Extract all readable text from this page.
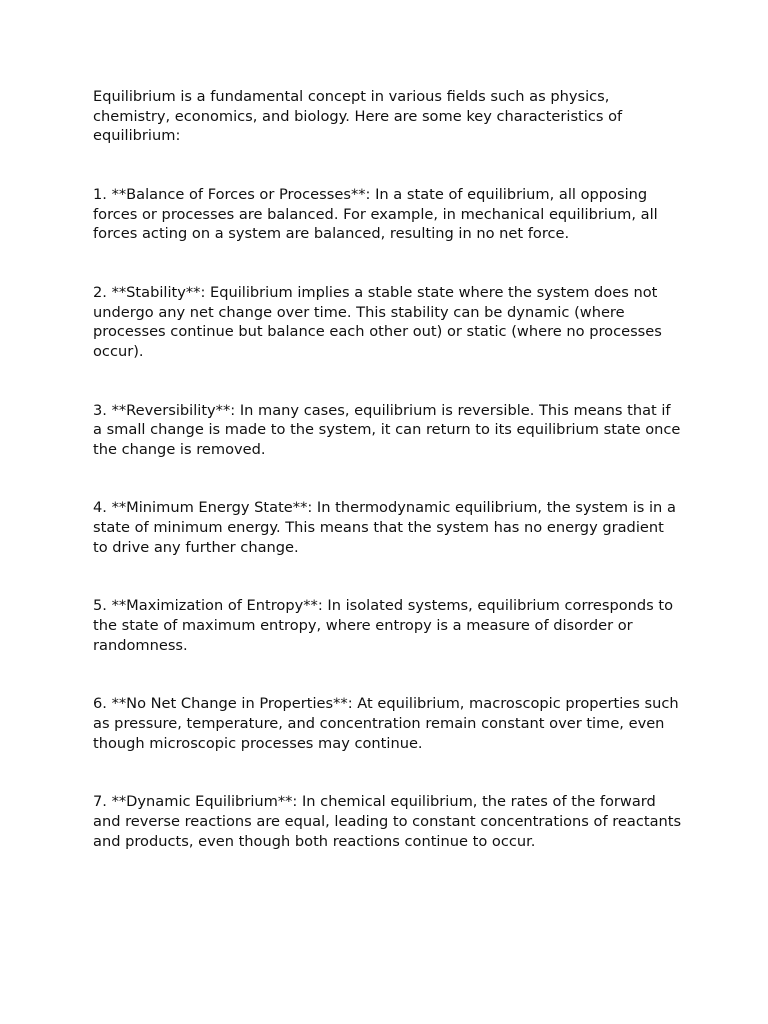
Equilibrium is a fundamental concept in various fields such as physics, chemistry, economics, and biology. Here are some key characteristics of equilibrium:

1. **Balance of Forces or Processes**: In a state of equilibrium, all opposing forces or processes are balanced. For example, in mechanical equilibrium, all forces acting on a system are balanced, resulting in no net force.

2. **Stability**: Equilibrium implies a stable state where the system does not undergo any net change over time. This stability can be dynamic (where processes continue but balance each other out) or static (where no processes occur).

3. **Reversibility**: In many cases, equilibrium is reversible. This means that if a small change is made to the system, it can return to its equilibrium state once the change is removed.

4. **Minimum Energy State**: In thermodynamic equilibrium, the system is in a state of minimum energy. This means that the system has no energy gradient to drive any further change.

5. **Maximization of Entropy**: In isolated systems, equilibrium corresponds to the state of maximum entropy, where entropy is a measure of disorder or randomness.

6. **No Net Change in Properties**: At equilibrium, macroscopic properties such as pressure, temperature, and concentration remain constant over time, even though microscopic processes may continue.

7. **Dynamic Equilibrium**: In chemical equilibrium, the rates of the forward and reverse reactions are equal, leading to constant concentrations of reactants and products, even though both reactions continue to occur.
